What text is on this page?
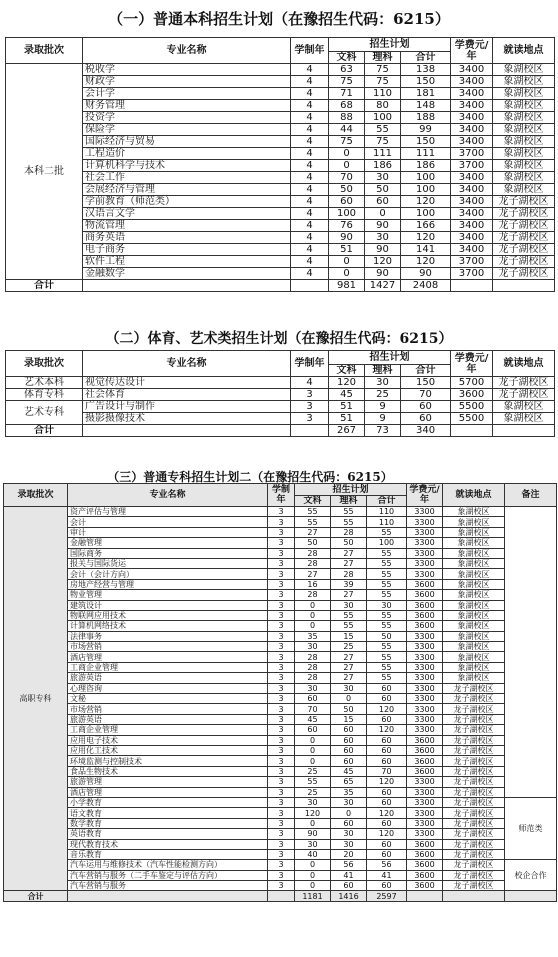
（一）普通本科招生计划（在豫招生代码：6215）
录取批次	专业名称	学制年	招生计划			学费元/年	就读地点
			文科	理科	合计		
本科二批	税收学	4	63	75	138	3400	象湖校区
	财政学	4	75	75	150	3400	象湖校区
	会计学	4	71	110	181	3400	象湖校区
	财务管理	4	68	80	148	3400	象湖校区
	投资学	4	88	100	188	3400	象湖校区
	保险学	4	44	55	99	3400	象湖校区
	国际经济与贸易	4	75	75	150	3400	象湖校区
	工程造价	4	0	111	111	3700	象湖校区
	计算机科学与技术	4	0	186	186	3700	象湖校区
	社会工作	4	70	30	100	3400	象湖校区
	会展经济与管理	4	50	50	100	3400	象湖校区
	学前教育（师范类）	4	60	60	120	3400	龙子湖校区
	汉语言文学	4	100	0	100	3400	龙子湖校区
	物流管理	4	76	90	166	3400	龙子湖校区
	商务英语	4	90	30	120	3400	龙子湖校区
	电子商务	4	51	90	141	3400	龙子湖校区
	软件工程	4	0	120	120	3700	龙子湖校区
	金融数学	4	0	90	90	3700	龙子湖校区
合计			981	1427	2408		
（二）体育、艺术类招生计划（在豫招生代码：6215）
录取批次	专业名称	学制年	招生计划			学费元/年	就读地点
			文科	理科	合计		
艺术本科	视觉传达设计	4	120	30	150	5700	龙子湖校区
体育专科	社会体育	3	45	25	70	3600	龙子湖校区
艺术专科	广告设计与制作	3	51	9	60	5500	象湖校区
	摄影摄像技术	3	51	9	60	5500	象湖校区
合计			267	73	340		
（三）普通专科招生计划二（在豫招生代码：6215）
录取批次	专业名称	学制年	招生计划			学费元/年	就读地点	备注
			文科	理科	合计			
高职专科	资产评估与管理	3	55	55	110	3300	象湖校区	
	会计	3	55	55	110	3300	象湖校区	
	审计	3	27	28	55	3300	象湖校区	
	金融管理	3	50	50	100	3300	象湖校区	
	国际商务	3	28	27	55	3300	象湖校区	
	报关与国际货运	3	28	27	55	3300	象湖校区	
	会计（会计方向）	3	27	28	55	3300	象湖校区	
	房地产经营与管理	3	16	39	55	3600	象湖校区	
	物业管理	3	28	27	55	3600	象湖校区	
	建筑设计	3	0	30	30	3600	象湖校区	
	物联网应用技术	3	0	55	55	3600	象湖校区	
	计算机网络技术	3	0	55	55	3600	象湖校区	
	法律事务	3	35	15	50	3300	象湖校区	
	市场营销	3	30	25	55	3300	象湖校区	
	酒店管理	3	28	27	55	3300	象湖校区	
	工商企业管理	3	28	27	55	3300	象湖校区	
	旅游英语	3	28	27	55	3300	象湖校区	
	心理咨询	3	30	30	60	3300	龙子湖校区	
	文秘	3	60	0	60	3300	龙子湖校区	
	市场营销	3	70	50	120	3300	龙子湖校区	
	旅游英语	3	45	15	60	3300	龙子湖校区	
	工商企业管理	3	60	60	120	3300	龙子湖校区	
	应用电子技术	3	0	60	60	3600	龙子湖校区	
	应用化工技术	3	0	60	60	3600	龙子湖校区	
	环境监测与控制技术	3	0	60	60	3600	龙子湖校区	
	食品生物技术	3	25	45	70	3600	龙子湖校区	
	旅游管理	3	55	65	120	3300	龙子湖校区	
	酒店管理	3	25	35	60	3300	龙子湖校区	
	小学教育	3	30	30	60	3300	龙子湖校区	师范类
	语文教育	3	120	0	120	3300	龙子湖校区	
	数学教育	3	0	60	60	3300	龙子湖校区	
	英语教育	3	90	30	120	3300	龙子湖校区	
	现代教育技术	3	30	30	60	3600	龙子湖校区	
	音乐教育	3	40	20	60	3600	龙子湖校区	
	汽车运用与维修技术（汽车性能检测方向）	3	0	56	56	3600	龙子湖校区	校企合作
	汽车营销与服务（二手车鉴定与评估方向）	3	0	41	41	3600	龙子湖校区	
	汽车营销与服务	3	0	60	60	3600	龙子湖校区	
合计			1181	1416	2597			
